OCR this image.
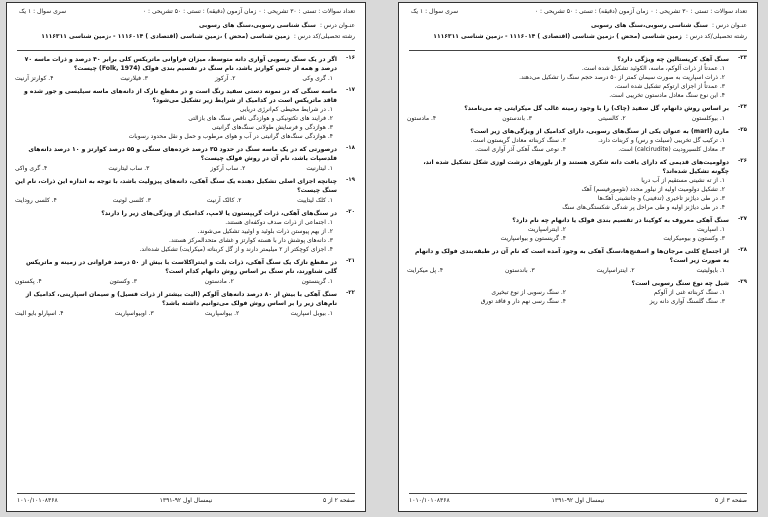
تعداد سوالات : تستی : ۳۰ تشریحی : ۰ زمان آزمون (دقیقه) : تستی : ۵۰ تشریحی : ۰
سری سوال : ۱ یک
عنـوان درس :سنگ شناسی رسوبی،سنگ های رسوبی
رشته تحصیلی/کد درس :زمین شناسی (محض ) ،زمین شناسی (اقتصادی ) ۱۱۱۶۰۱۴ - ،زمین شناسی ۱۱۱۶۳۱۱
۲۳-
سنگ آهک کریستالین چه ویژگی دارد؟
۱. عمدتاً از ذرات آلوکم، ماسه، الکوئید تشکیل شده است.
۲. ذرات اسپاریت به صورت سیمان کمتر از ۵۰ درصد حجم سنگ را تشکیل می‌دهند.
۳. عمدتاً از اجزای ارتوکم تشکیل شده است.
۴. این نوع سنگ معادل مادستون تخریبی است.
۲۴-
بر اساس روش دانهام، گل سفید (چاک) را با وجود زمینه غالب گل میکرایتی چه می‌نامند؟
۱. بیوکلستون
۲. کالسیتی
۳. باندستون
۴. مادستون
۲۵-
مارن (marl) به عنوان یکی از سنگ‌های رسوبی، دارای کدامیک از ویژگی‌های زیر است؟
۱. ترکیب گل تخریبی (سیلت و رس) و کربنات دارد.
۲. سنگ کربناته معادل گریستون است.
۳. معادل کلسیرودیت (calcirudite) است.
۴. نوعی سنگ آهکی آذر آواری است.
۲۶-
دولومیت‌های قدیمی که دارای بافت دانه شکری هستند و از بلورهای درشت لوزی شکل تشکیل شده اند، چگونه تشکیل شده‌اند؟
۱. از ته نشینی مستقیم از آب دریا
۲. تشکیل دولومیت اولیه از نیلور محدد (نئومورفیسم) آهک
۳. در طی دیاژنز تاخیری (تدفینی) و جانشینی آهک‌ها
۴. در طی دیاژنز اولیه و طی مراحل پر شدگی شکستگی‌های سنگ
۲۷-
سنگ آهکی معروف به کوکینا در تقسیم بندی فولک یا دانهام چه نام دارد؟
۱. اسپاریت
۲. اینتراسپاریت
۳. وکستون و بیومیکرایت
۴. گرینستون و بیواسپاریت
۲۸-
از اجتماع کلنی مرجان‌ها و اسفنج‌ها،سنگ آهکی به وجود آمده است که نام آن در طبقه‌بندی فولک و دانهام به صورت زیر است؟
۱. بایولیتیت
۲. اینتراسپاریت
۳. باندستون
۴. پل میکرایت
۲۹-
شیل چه نوع سنگ رسوبی است؟
۱. سنگ کربناته غنی از آلوکم
۲. سنگ رسوبی از نوع تبخیری
۳. سنگ گلسنگ آواری دانه ریز
۴. سنگ رسی نهم دار و فاقد تورق
صفحه ۳ از ۵
نیمسال اول ۹۲-۱۳۹۱
۱۰۱۰/۱۰۱۰۸۳۶۸
تعداد سوالات : تستی : ۳۰ تشریحی : ۰ زمان آزمون (دقیقه) : تستی : ۵۰ تشریحی : ۰
سری سوال : ۱ یک
عنـوان درس :سنگ شناسی رسوبی،سنگ های رسوبی
رشته تحصیلی/کد درس :زمین شناسی (محض ) ،زمین شناسی (اقتصادی ) ۱۱۱۶۰۱۴ - ،زمین شناسی ۱۱۱۶۳۱۱
۱۶-
اگر در یک سنگ رسوبی آواری دانه متوسط، میزان فراوانی ماتریکس کلی برابر ۴۰ درصد و ذرات ماسه ۷۰ درصد و همه از جنس کوارتز باشد، نام سنگ در تقسیم بندی فولک (Folk, 1974) چیست؟
۱. گری وکی
۲. آرکوز
۳. فیلارنیت
۴. کوارتز آرنیت
۱۷-
ماسه سنگی که در نمونه دستی سفید رنگ است و در مقطع نازک از دانه‌های ماسه سیلیسی و جور شده و فاقد ماتریکس است در کدامیک از شرایط زیر تشکیل می‌شود؟
۱. در شرایط محیطی کم‌انرژی دریایی
۲. فرایند های تکتونیکی و هوازدگی ناقص سنگ های بازالتی
۳. هوازدگی و فرسایش طولانی سنگ‌های گرانیتی
۴. هوازدگی سنگ‌های گرانیتی در آب و هوای مرطوب و حمل و نقل محدود رسوبات
۱۸-
درصورتی که در یک ماسه سنگ در حدود ۳۵ درصد خرده‌های سنگی و ۵۵ درصد کوارتز و ۱۰ درصد دانه‌های فلدسپات باشد، نام آن در روش فولک چیست؟
۱. لیتارنیت
۲. ساب آرکوز
۳. ساب لیتارنیت
۴. گری واکی
۱۹-
چنانچه اجزای اصلی تشکیل دهنده یک سنگ آهکی، دانه‌های پیزولیت باشد، با توجه به اندازه این ذرات، نام این سنگ چیست؟
۱. کلک لیتاییت
۲. کالک آرنیت
۳. کلسی لوتیت
۴. کلسی رودایت
۲۰-
در سنگ‌های آهکی، ذرات گریپستون یا لامپ، کدامیک از ویژگی‌های زیر را دارند؟
۱. اجتماعی از ذرات صدف دوکفه‌ای هستند.
۲. از بهم پیوستن ذرات بلوئید و اوئیید تشکیل می‌شوند.
۳. دانه‌های پوشش دار با هسته کوارتز و غشای متحدالمرکز هستند.
۴. اجزای کوچکتر از ۲ میلیمتر دارند و از گل کربناته (میکرایت) تشکیل شده‌اند.
۲۱-
در مقطع نازک یک سنگ آهکی، ذرات بلت و اینتراکلاست با بیش از ۵۰ درصد فراوانی در زمینه و ماتریکس گلی شناورند، نام سنگ بر اساس روش دانهام کدام است؟
۱. گرینستون
۲. مادستون
۳. وکستون
۴. پکستون
۲۲-
سنگ آهکی با بیش از ۸۰ درصد دانه‌های آلوکم (الیت بیشتر از ذرات فسیل) و سیمان اسپارینی، کدامیک از نام‌های زیر را بر اساس روش فولک می‌توانیم داشته باشد؟
۱. بیوبل اسپاریت
۲. بیواسپاریت
۳. اوبیواسپاریت
۴. اسپارلو بایو الیت
صفحه ۲ از ۵
نیمسال اول ۹۲-۱۳۹۱
۱۰۱۰/۱۰۱۰۸۳۶۸
